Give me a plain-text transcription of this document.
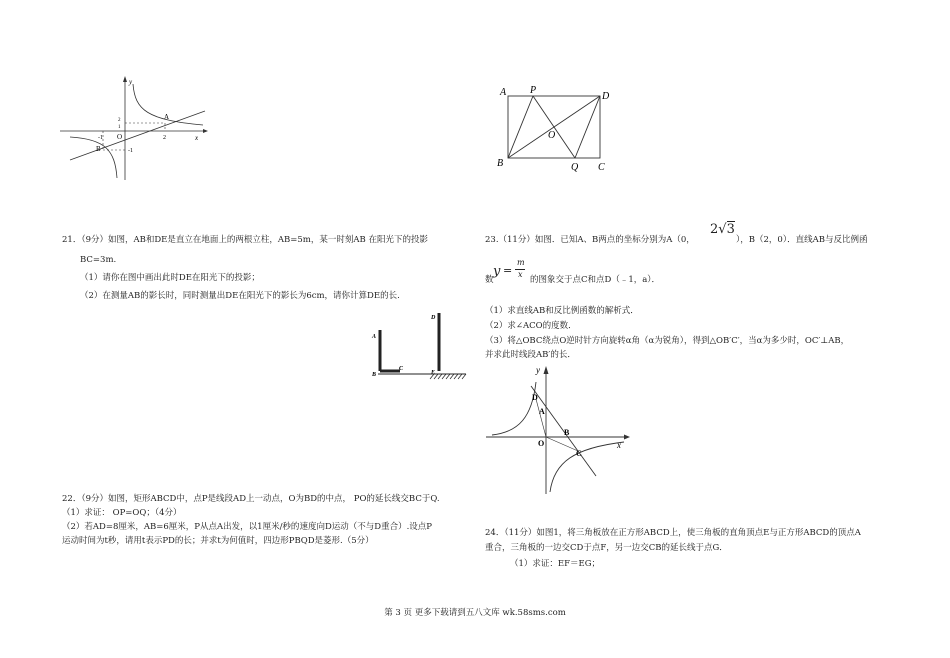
y
x
O
A
B
2
-1
2
1
-1
A P
D
O
B	Q C
21．（9分）如图，AB和DE是直立在地面上的两根立柱，AB=5m，某一时刻AB 在阳光下的投影
BC=3m.
（1）请你在图中画出此时DE在阳光下的投影；
（2）在测量AB的影长时，同时测量出DE在阳光下的影长为6cm，请你计算DE的长.
A
D
B
C
E
22．（9分）如图，矩形ABCD中，点P是线段AD上一动点，O为BD的中点， PO的延长线交BC于Q.
（1）求证： OP=OQ；（4分）
（2）若AD=8厘米，AB=6厘米，P从点A出发，以1厘米/秒的速度向D运动（不与D重合）.设点P
运动时间为t秒，请用t表示PD的长；并求t为何值时，四边形PBQD是菱形.（5分）
23.（11分）如图．已知A、B两点的坐标分别为A（0，
2√3
），B（2，0）．直线AB与反比例函
数
y =
m
x
的图象交于点C和点D（﹣1，a）．
（1）求直线AB和反比例函数的解析式．
（2）求∠ACO的度数．
（3）将△OBC绕点O逆时针方向旋转α角（α为锐角），得到△OB′C′，当α为多少时，OC′⊥AB，
并求此时线段AB′的长．
y
x
D
A
O
B
C
24．（11分）如图1，将三角板放在正方形ABCD上，使三角板的直角顶点E与正方形ABCD的顶点A
重合，三角板的一边交CD于点F，另一边交CB的延长线于点G．
（1）求证：EF＝EG；
第 3 页 更多下载请到五八文库 wk.58sms.com
